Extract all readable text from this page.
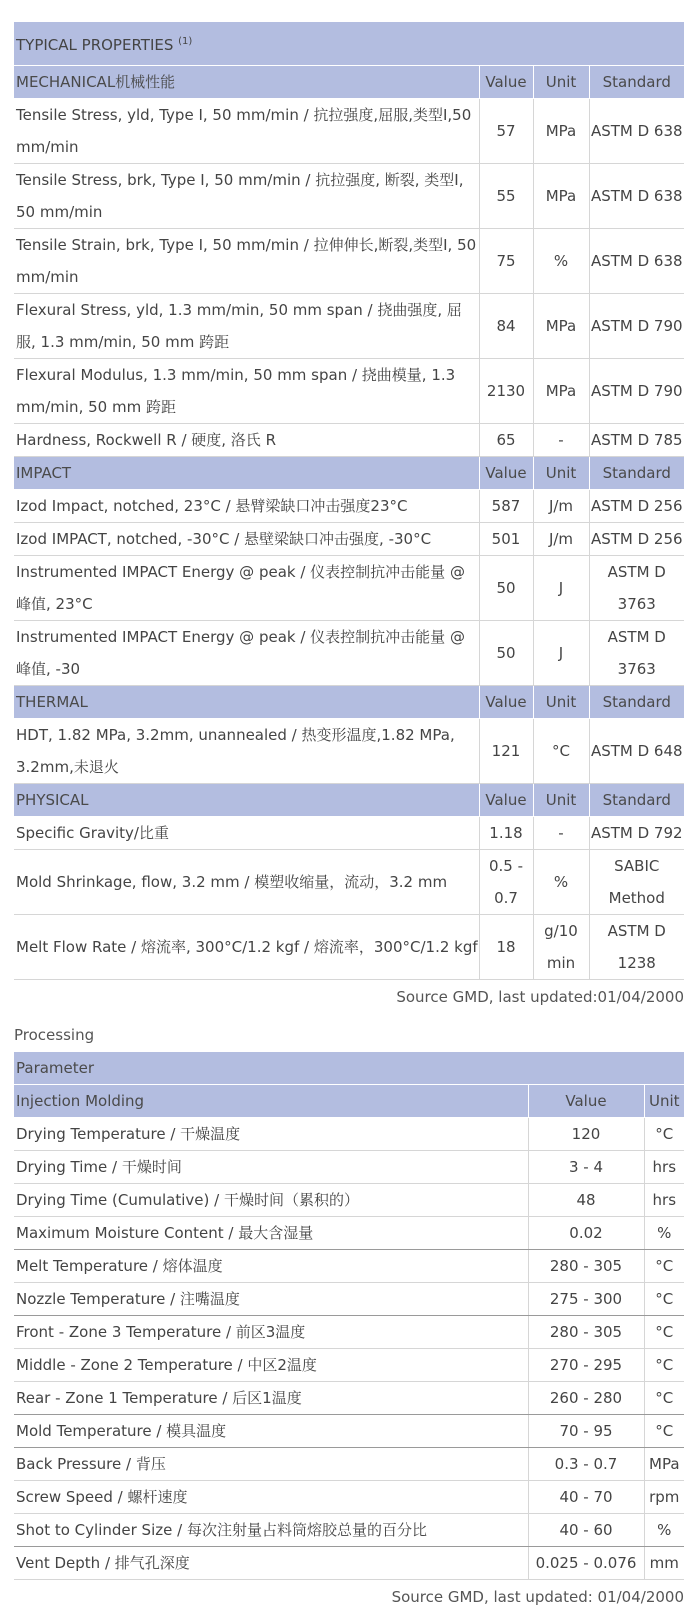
TYPICAL PROPERTIES $^{(1)}$
MECHANICAL机械性能	Value	Unit	Standard
Tensile Stress, yld, Type I, 50 mm/min / 抗拉强度,屈服,类型I,50 mm/min	57	MPa	ASTM D 638
Tensile Stress, brk, Type I, 50 mm/min / 抗拉强度, 断裂, 类型I, 50 mm/min	55	MPa	ASTM D 638
Tensile Strain, brk, Type I, 50 mm/min / 拉伸伸长,断裂,类型I, 50 mm/min	75	%	ASTM D 638
Flexural Stress, yld, 1.3 mm/min, 50 mm span / 挠曲强度, 屈服, 1.3 mm/min, 50 mm 跨距	84	MPa	ASTM D 790
Flexural Modulus, 1.3 mm/min, 50 mm span / 挠曲模量, 1.3 mm/min, 50 mm 跨距	2130	MPa	ASTM D 790
Hardness, Rockwell R / 硬度, 洛氏 R	65	-	ASTM D 785
IMPACT	Value	Unit	Standard
Izod Impact, notched, 23°C / 悬臂梁缺口冲击强度23°C	587	J/m	ASTM D 256
Izod IMPACT, notched, -30°C / 悬壁梁缺口冲击强度, -30°C	501	J/m	ASTM D 256
Instrumented IMPACT Energy @ peak / 仪表控制抗冲击能量 @ 峰值, 23°C	50	J	ASTM D 3763
Instrumented IMPACT Energy @ peak / 仪表控制抗冲击能量 @ 峰值, -30	50	J	ASTM D 3763
THERMAL	Value	Unit	Standard
HDT, 1.82 MPa, 3.2mm, unannealed / 热变形温度,1.82 MPa, 3.2mm,未退火	121	°C	ASTM D 648
PHYSICAL	Value	Unit	Standard
Specific Gravity/比重	1.18	-	ASTM D 792
Mold Shrinkage, flow, 3.2 mm / 模塑收缩量，流动，3.2 mm	0.5 - 0.7	%	SABIC Method
Melt Flow Rate / 熔流率, 300°C/1.2 kgf / 熔流率，300°C/1.2 kgf	18	g/10 min	ASTM D 1238
Source GMD, last updated:01/04/2000
Processing
Parameter		
Injection Molding	Value	Unit
Drying Temperature / 干燥温度	120	°C
Drying Time / 干燥时间	3 - 4	hrs
Drying Time (Cumulative) / 干燥时间（累积的）	48	hrs
Maximum Moisture Content / 最大含湿量	0.02	%
Melt Temperature / 熔体温度	280 - 305	°C
Nozzle Temperature / 注嘴温度	275 - 300	°C
Front - Zone 3 Temperature / 前区3温度	280 - 305	°C
Middle - Zone 2 Temperature / 中区2温度	270 - 295	°C
Rear - Zone 1 Temperature / 后区1温度	260 - 280	°C
Mold Temperature / 模具温度	70 - 95	°C
Back Pressure / 背压	0.3 - 0.7	MPa
Screw Speed / 螺杆速度	40 - 70	rpm
Shot to Cylinder Size / 每次注射量占料筒熔胶总量的百分比	40 - 60	%
Vent Depth / 排气孔深度	0.025 - 0.076	mm
Source GMD, last updated: 01/04/2000
